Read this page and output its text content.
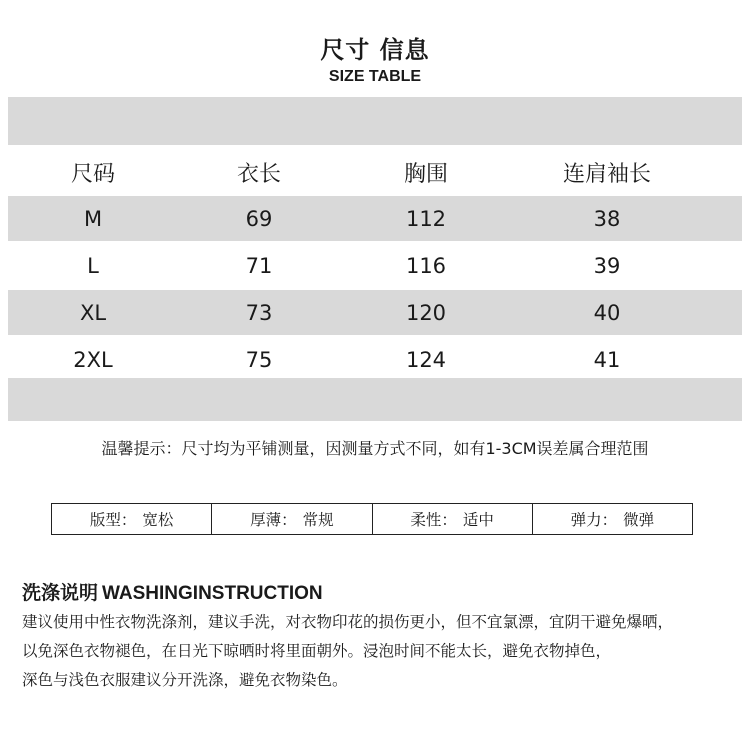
尺寸 信息
SIZE TABLE
尺码	衣长	胸围	连肩袖长
M	69	112	38
L	71	116	39
XL	73	120	40
2XL	75	124	41
温馨提示：尺寸均为平铺测量，因测量方式不同，如有1-3CM误差属合理范围
版型： 宽松	厚薄： 常规	柔性： 适中	弹力： 微弹
洗涤说明 WASHINGINSTRUCTION
建议使用中性衣物洗涤剂，建议手洗，对衣物印花的损伤更小，但不宜氯漂，宜阴干避免爆晒，
以免深色衣物褪色，在日光下晾晒时将里面朝外。浸泡时间不能太长，避免衣物掉色，
深色与浅色衣服建议分开洗涤，避免衣物染色。
